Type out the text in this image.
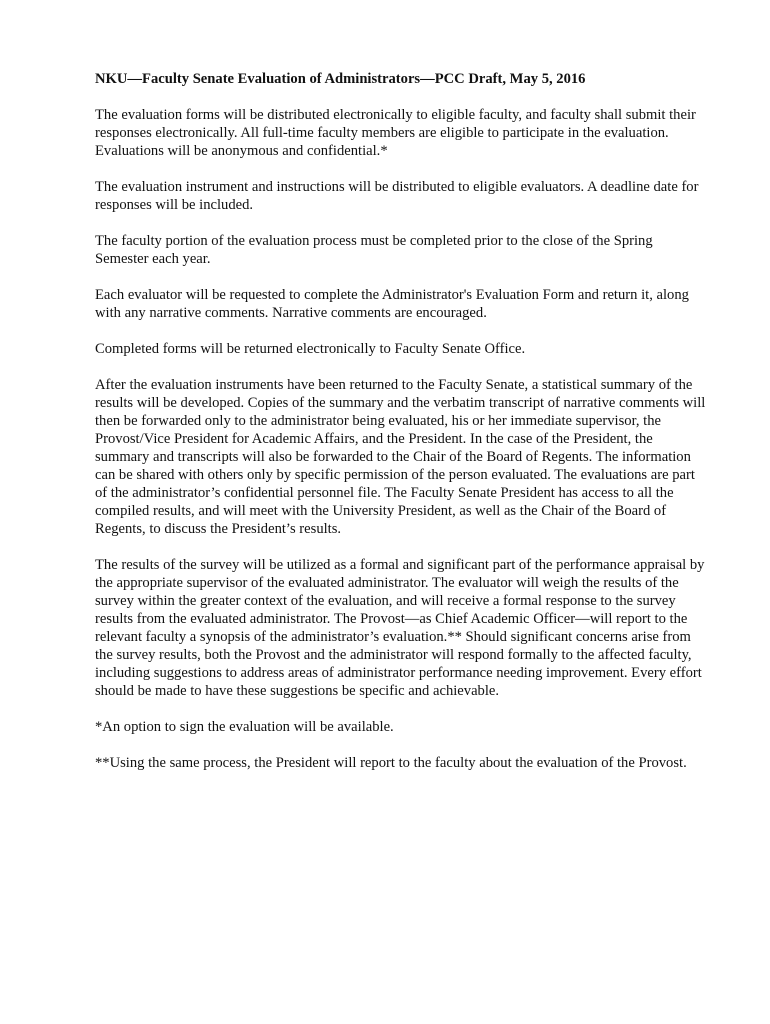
NKU—Faculty Senate Evaluation of Administrators—PCC Draft, May 5, 2016

The evaluation forms will be distributed electronically to eligible faculty, and faculty shall submit their responses electronically. All full-time faculty members are eligible to participate in the evaluation. Evaluations will be anonymous and confidential.*

The evaluation instrument and instructions will be distributed to eligible evaluators. A deadline date for responses will be included.

The faculty portion of the evaluation process must be completed prior to the close of the Spring Semester each year.

Each evaluator will be requested to complete the Administrator's Evaluation Form and return it, along with any narrative comments. Narrative comments are encouraged.

Completed forms will be returned electronically to Faculty Senate Office.

After the evaluation instruments have been returned to the Faculty Senate, a statistical summary of the results will be developed. Copies of the summary and the verbatim transcript of narrative comments will then be forwarded only to the administrator being evaluated, his or her immediate supervisor, the Provost/Vice President for Academic Affairs, and the President. In the case of the President, the summary and transcripts will also be forwarded to the Chair of the Board of Regents. The information can be shared with others only by specific permission of the person evaluated. The evaluations are part of the administrator’s confidential personnel file. The Faculty Senate President has access to all the compiled results, and will meet with the University President, as well as the Chair of the Board of Regents, to discuss the President’s results.

The results of the survey will be utilized as a formal and significant part of the performance appraisal by the appropriate supervisor of the evaluated administrator. The evaluator will weigh the results of the survey within the greater context of the evaluation, and will receive a formal response to the survey results from the evaluated administrator. The Provost—as Chief Academic Officer—will report to the relevant faculty a synopsis of the administrator’s evaluation.** Should significant concerns arise from the survey results, both the Provost and the administrator will respond formally to the affected faculty, including suggestions to address areas of administrator performance needing improvement. Every effort should be made to have these suggestions be specific and achievable.

*An option to sign the evaluation will be available.

**Using the same process, the President will report to the faculty about the evaluation of the Provost.
